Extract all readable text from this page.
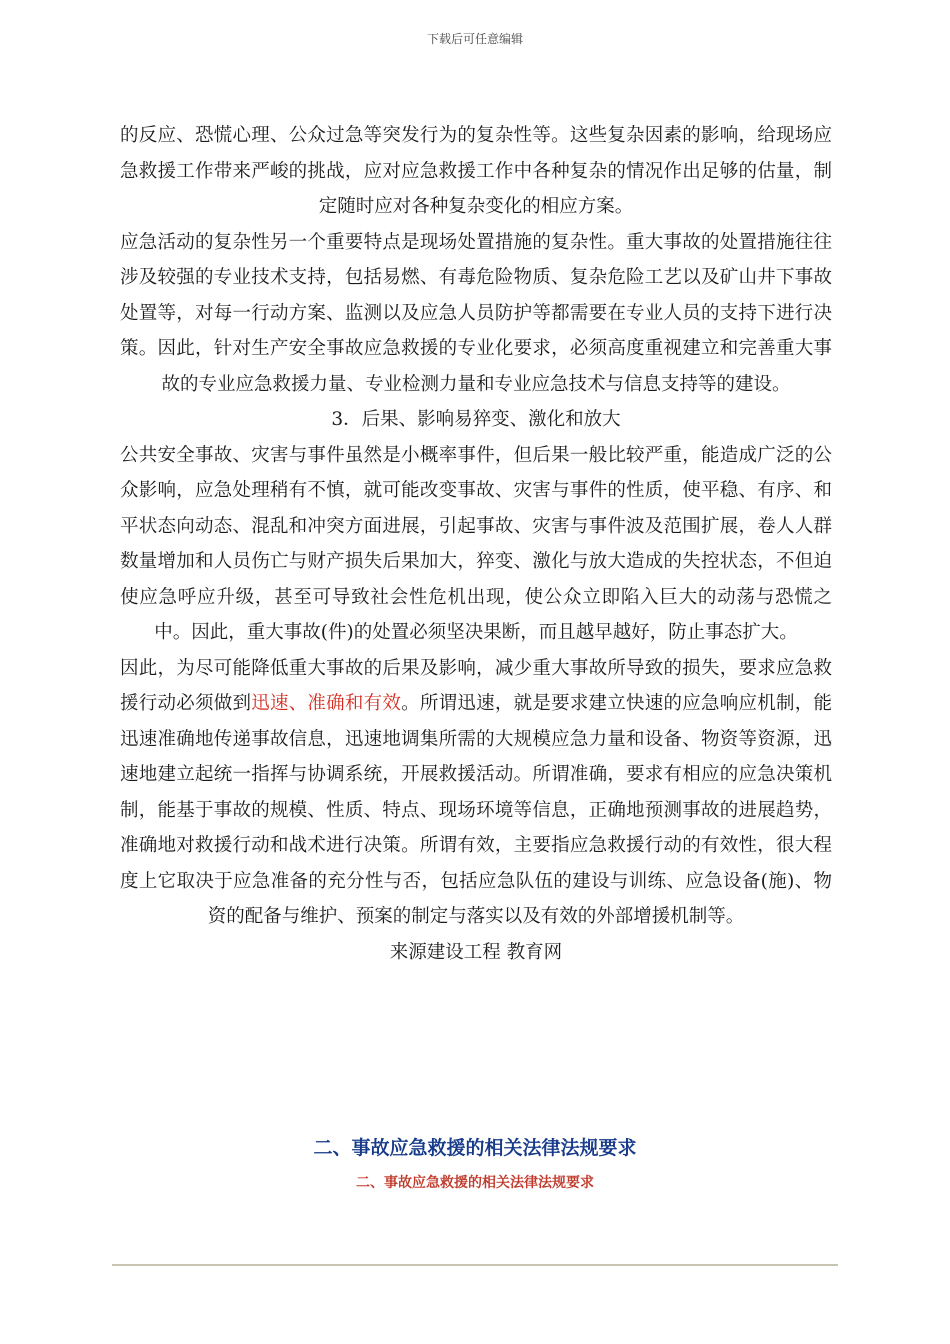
下载后可任意编辑

的反应、恐慌心理、公众过急等突发行为的复杂性等。这些复杂因素的影响，给现场应急救援工作带来严峻的挑战，应对应急救援工作中各种复杂的情况作出足够的估量，制定随时应对各种复杂变化的相应方案。

应急活动的复杂性另一个重要特点是现场处置措施的复杂性。重大事故的处置措施往往涉及较强的专业技术支持，包括易燃、有毒危险物质、复杂危险工艺以及矿山井下事故处置等，对每一行动方案、监测以及应急人员防护等都需要在专业人员的支持下进行决策。因此，针对生产安全事故应急救援的专业化要求，必须高度重视建立和完善重大事故的专业应急救援力量、专业检测力量和专业应急技术与信息支持等的建设。

3．后果、影响易猝变、激化和放大

公共安全事故、灾害与事件虽然是小概率事件，但后果一般比较严重，能造成广泛的公众影响，应急处理稍有不慎，就可能改变事故、灾害与事件的性质，使平稳、有序、和平状态向动态、混乱和冲突方面进展，引起事故、灾害与事件波及范围扩展，卷人人群数量增加和人员伤亡与财产损失后果加大，猝变、激化与放大造成的失控状态，不但迫使应急呼应升级，甚至可导致社会性危机出现，使公众立即陷入巨大的动荡与恐慌之中。因此，重大事故(件)的处置必须坚决果断，而且越早越好，防止事态扩大。

因此，为尽可能降低重大事故的后果及影响，减少重大事故所导致的损失，要求应急救援行动必须做到迅速、准确和有效。所谓迅速，就是要求建立快速的应急响应机制，能迅速准确地传递事故信息，迅速地调集所需的大规模应急力量和设备、物资等资源，迅速地建立起统一指挥与协调系统，开展救援活动。所谓准确，要求有相应的应急决策机制，能基于事故的规模、性质、特点、现场环境等信息，正确地预测事故的进展趋势，准确地对救援行动和战术进行决策。所谓有效，主要指应急救援行动的有效性，很大程度上它取决于应急准备的充分性与否，包括应急队伍的建设与训练、应急设备(施)、物资的配备与维护、预案的制定与落实以及有效的外部增援机制等。

来源建设工程 教育网

二、事故应急救援的相关法律法规要求
二、事故应急救援的相关法律法规要求
